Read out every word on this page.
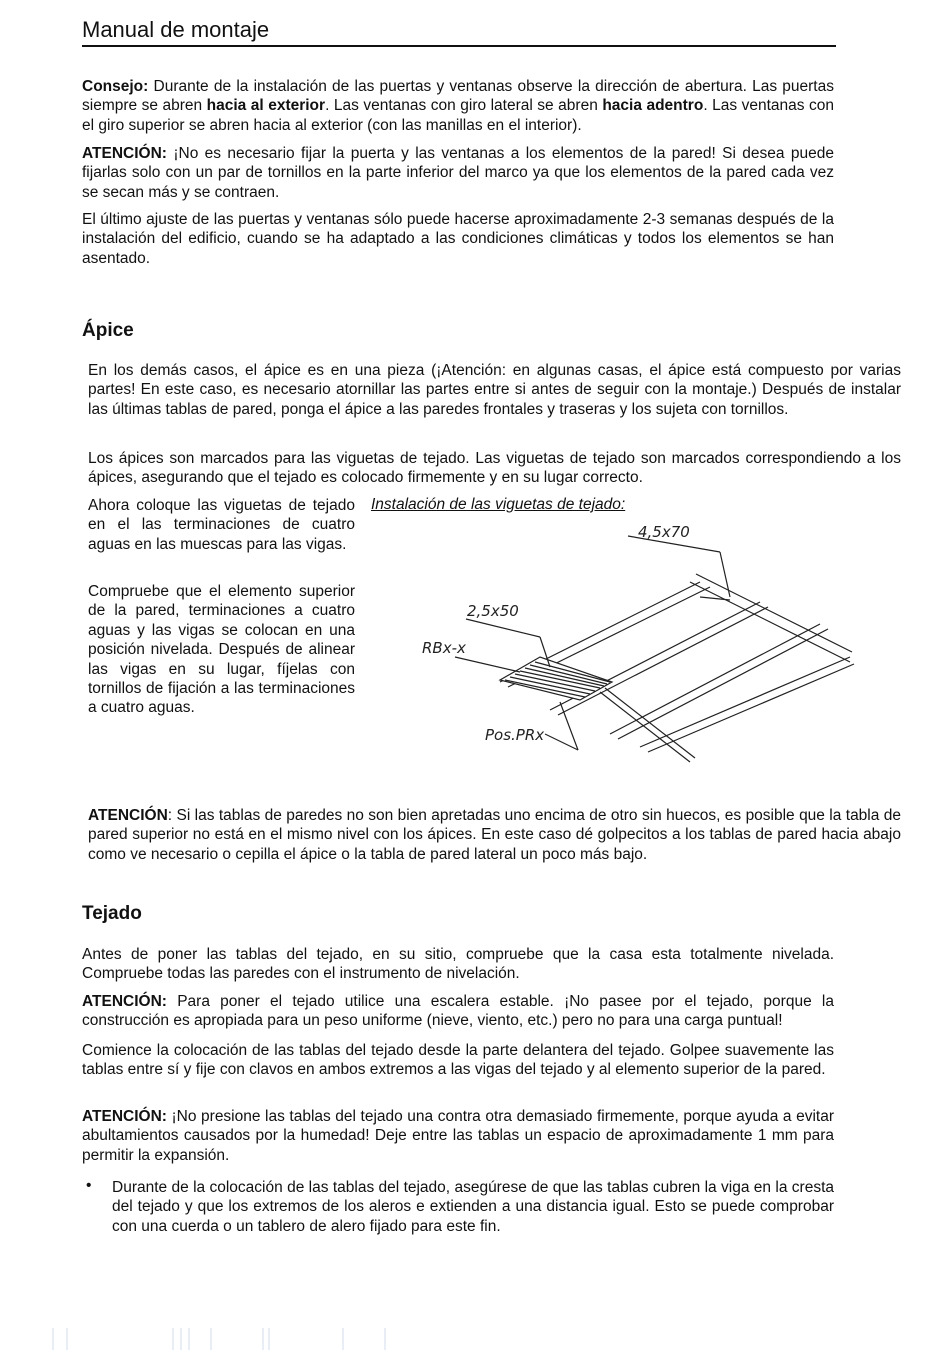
Manual de montaje

Consejo: Durante de la instalación de las puertas y ventanas observe la dirección de abertura. Las puertas siempre se abren hacia al exterior. Las ventanas con giro lateral se abren hacia adentro. Las ventanas con el giro superior se abren hacia al exterior (con las manillas en el interior).

ATENCIÓN: ¡No es necesario fijar la puerta y las ventanas a los elementos de la pared! Si desea puede fijarlas solo con un par de tornillos en la parte inferior del marco ya que los elementos de la pared cada vez se secan más y se contraen.

El último ajuste de las puertas y ventanas sólo puede hacerse aproximadamente 2-3 semanas después de la instalación del edificio, cuando se ha adaptado a las condiciones climáticas y todos los elementos se han asentado.

Ápice

En los demás casos, el ápice es en una pieza (¡Atención: en algunas casas, el ápice está compuesto por varias partes! En este caso, es necesario atornillar las partes entre si antes de seguir con la montaje.) Después de instalar las últimas tablas de pared, ponga el ápice a las paredes frontales y traseras y los sujeta con tornillos.

Los ápices son marcados para las viguetas de tejado. Las viguetas de tejado son marcados correspondiendo a los ápices, asegurando que el tejado es colocado firmemente y en su lugar correcto.

Ahora coloque las viguetas de tejado en el las terminaciones de cuatro aguas en las muescas para las vigas.

Compruebe que el elemento superior de la pared, terminaciones a cuatro aguas y las vigas se colocan en una posición nivelada. Después de alinear las vigas en su lugar, fíjelas con tornillos de fijación a las terminaciones a cuatro aguas.

Instalación de las viguetas de tejado:
4,5x70
2,5x50
RBx-x
Pos.PRx

ATENCIÓN: Si las tablas de paredes no son bien apretadas uno encima de otro sin huecos, es posible que la tabla de pared superior no está en el mismo nivel con los ápices. En este caso dé golpecitos a los tablas de pared hacia abajo como ve necesario o cepilla el ápice o la tabla de pared lateral un poco más bajo.

Tejado

Antes de poner las tablas del tejado, en su sitio, compruebe que la casa esta totalmente nivelada. Compruebe todas las paredes con el instrumento de nivelación.

ATENCIÓN: Para poner el tejado utilice una escalera estable. ¡No pasee por el tejado, porque la construcción es apropiada para un peso uniforme (nieve, viento, etc.) pero no para una carga puntual!

Comience la colocación de las tablas del tejado desde la parte delantera del tejado. Golpee suavemente las tablas entre sí y fije con clavos en ambos extremos a las vigas del tejado y al elemento superior de la pared.

ATENCIÓN: ¡No presione las tablas del tejado una contra otra demasiado firmemente, porque ayuda a evitar abultamientos causados por la humedad! Deje entre las tablas un espacio de aproximadamente 1 mm para permitir la expansión.

• Durante de la colocación de las tablas del tejado, asegúrese de que las tablas cubren la viga en la cresta del tejado y que los extremos de los aleros e extienden a una distancia igual. Esto se puede comprobar con una cuerda o un tablero de alero fijado para este fin.
